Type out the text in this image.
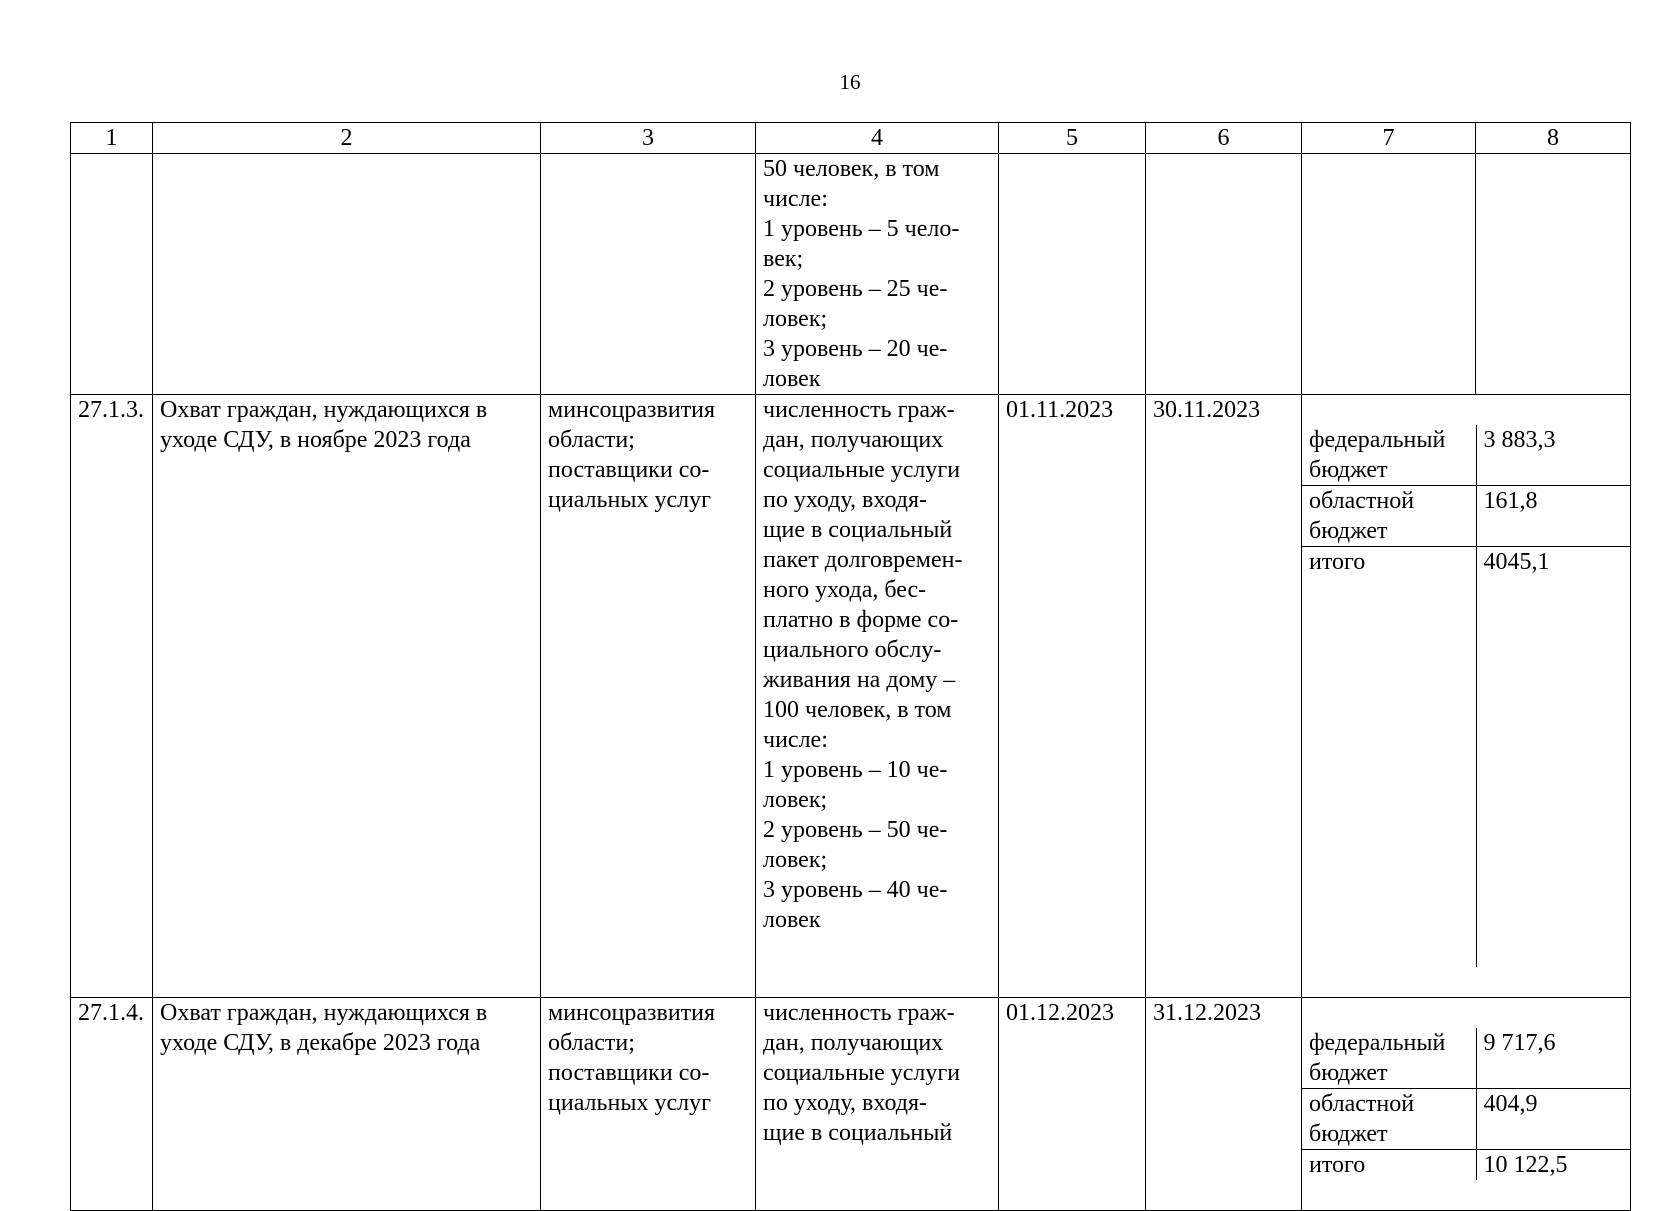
16
1	2	3	4	5	6	7	8
			50 человек, в том
числе:
1 уровень – 5 чело-
век;
2 уровень – 25 че-
ловек;
3 уровень – 20 че-
ловек				
27.1.3.	Охват граждан, нуждающихся в
уходе СДУ, в ноябре 2023 года	минсоцразвития
области;
поставщики со-
циальных услуг	численность граж-
дан, получающих
социальные услуги
по уходу, входя-
щие в социальный
пакет долговремен-
ного ухода, бес-
платно в форме со-
циального обслу-
живания на дому –
100 человек, в том
числе:
1 уровень – 10 че-
ловек;
2 уровень – 50 че-
ловек;
3 уровень – 40 че-
ловек	01.11.2023	30.11.2023	

федеральный
бюджет	3 883,3
областной
бюджет	161,8
итого	4045,1

27.1.4.	Охват граждан, нуждающихся в
уходе СДУ, в декабре 2023 года	минсоцразвития
области;
поставщики со-
циальных услуг	численность граж-
дан, получающих
социальные услуги
по уходу, входя-
щие в социальный	01.12.2023	31.12.2023	

федеральный
бюджет	9 717,6
областной
бюджет	404,9
итого	10 122,5
